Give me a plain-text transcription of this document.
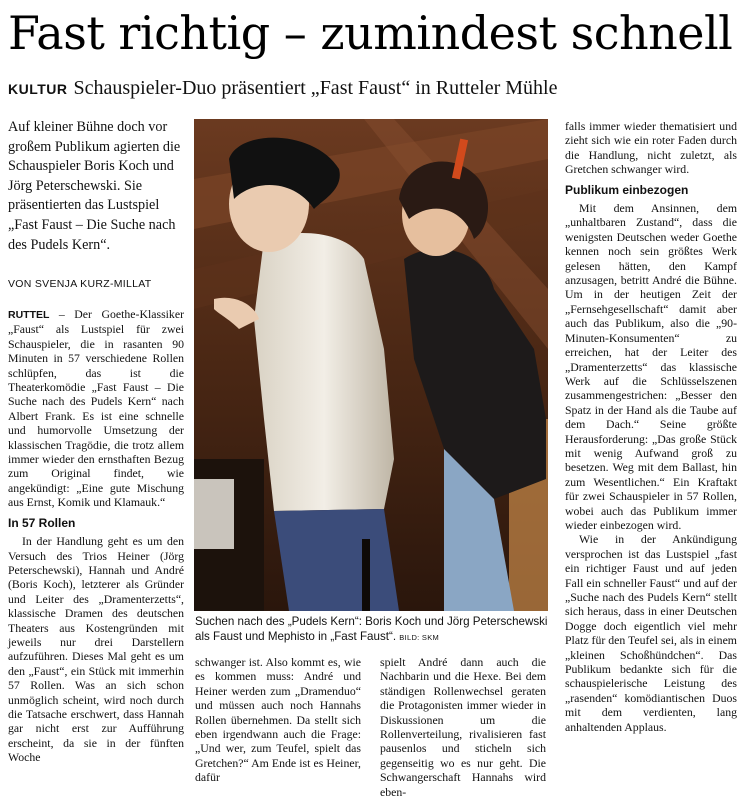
Fast richtig – zumindest schnell
KULTUR Schauspieler-Duo präsentiert „Fast Faust“ in Rutteler Mühle
Auf kleiner Bühne doch vor großem Publikum agierten die Schauspieler Boris Koch und Jörg Peterschewski. Sie präsentierten das Lustspiel „Fast Faust – Die Suche nach des Pudels Kern“.
VON SVENJA KURZ-MILLAT

RUTTEL – Der Goethe-Klassiker „Faust“ als Lustspiel für zwei Schauspieler, die in rasanten 90 Minuten in 57 verschiedene Rollen schlüpfen, das ist die Theaterkomödie „Fast Faust – Die Suche nach des Pudels Kern“ nach Albert Frank. Es ist eine schnelle und humorvolle Umsetzung der klassischen Tragödie, die trotz allem immer wieder den ernsthaften Bezug zum Original findet, wie angekündigt: „Eine gute Mischung aus Ernst, Komik und Klamauk.“

In 57 Rollen

In der Handlung geht es um den Versuch des Trios Heiner (Jörg Peterschewski), Hannah und André (Boris Koch), letzterer als Gründer und Leiter des „Dramenterzetts“, klassische Dramen des deutschen Theaters aus Kostengründen mit jeweils nur drei Darstellern aufzuführen. Dieses Mal geht es um den „Faust“, ein Stück mit immerhin 57 Rollen. Was an sich schon unmöglich scheint, wird noch durch die Tatsache erschwert, dass Hannah gar nicht erst zur Aufführung erscheint, da sie in der fünften Woche

Suchen nach des „Pudels Kern“: Boris Koch und Jörg Peterschewski als Faust und Mephisto in „Fast Faust“. BILD: SKM

schwanger ist. Also kommt es, wie es kommen muss: André und Heiner werden zum „Dramenduo“ und müssen auch noch Hannahs Rollen übernehmen. Da stellt sich eben irgendwann auch die Frage: „Und wer, zum Teufel, spielt das Gretchen?“ Am Ende ist es Heiner, dafür

spielt André dann auch die Nachbarin und die Hexe. Bei dem ständigen Rollenwechsel geraten die Protagonisten immer wieder in Diskussionen um die Rollenverteilung, rivalisieren fast pausenlos und sticheln sich gegenseitig wo es nur geht. Die Schwangerschaft Hannahs wird eben-

falls immer wieder thematisiert und zieht sich wie ein roter Faden durch die Handlung, nicht zuletzt, als Gretchen schwanger wird.

Publikum einbezogen

Mit dem Ansinnen, dem „unhaltbaren Zustand“, dass die wenigsten Deutschen weder Goethe kennen noch sein größtes Werk gelesen hätten, den Kampf anzusagen, betritt André die Bühne. Um in der heutigen Zeit der „Fernsehgesellschaft“ damit aber auch das Publikum, also die „90-Minuten-Konsumenten“ zu erreichen, hat der Leiter des „Dramenterzetts“ das klassische Werk auf die Schlüsselszenen zusammengestrichen: „Besser den Spatz in der Hand als die Taube auf dem Dach.“ Seine größte Herausforderung: „Das große Stück mit wenig Aufwand groß zu besetzen. Weg mit dem Ballast, hin zum Wesentlichen.“ Ein Kraftakt für zwei Schauspieler in 57 Rollen, wobei auch das Publikum immer wieder einbezogen wird.

Wie in der Ankündigung versprochen ist das Lustspiel „fast ein richtiger Faust und auf jeden Fall ein schneller Faust“ und auf der „Suche nach des Pudels Kern“ stellt sich heraus, dass in einer Deutschen Dogge doch eigentlich viel mehr Platz für den Teufel sei, als in einem „kleinen Schoßhündchen“. Das Publikum bedankte sich für die schauspielerische Leistung des „rasenden“ komödiantischen Duos mit dem verdienten, lang anhaltenden Applaus.
